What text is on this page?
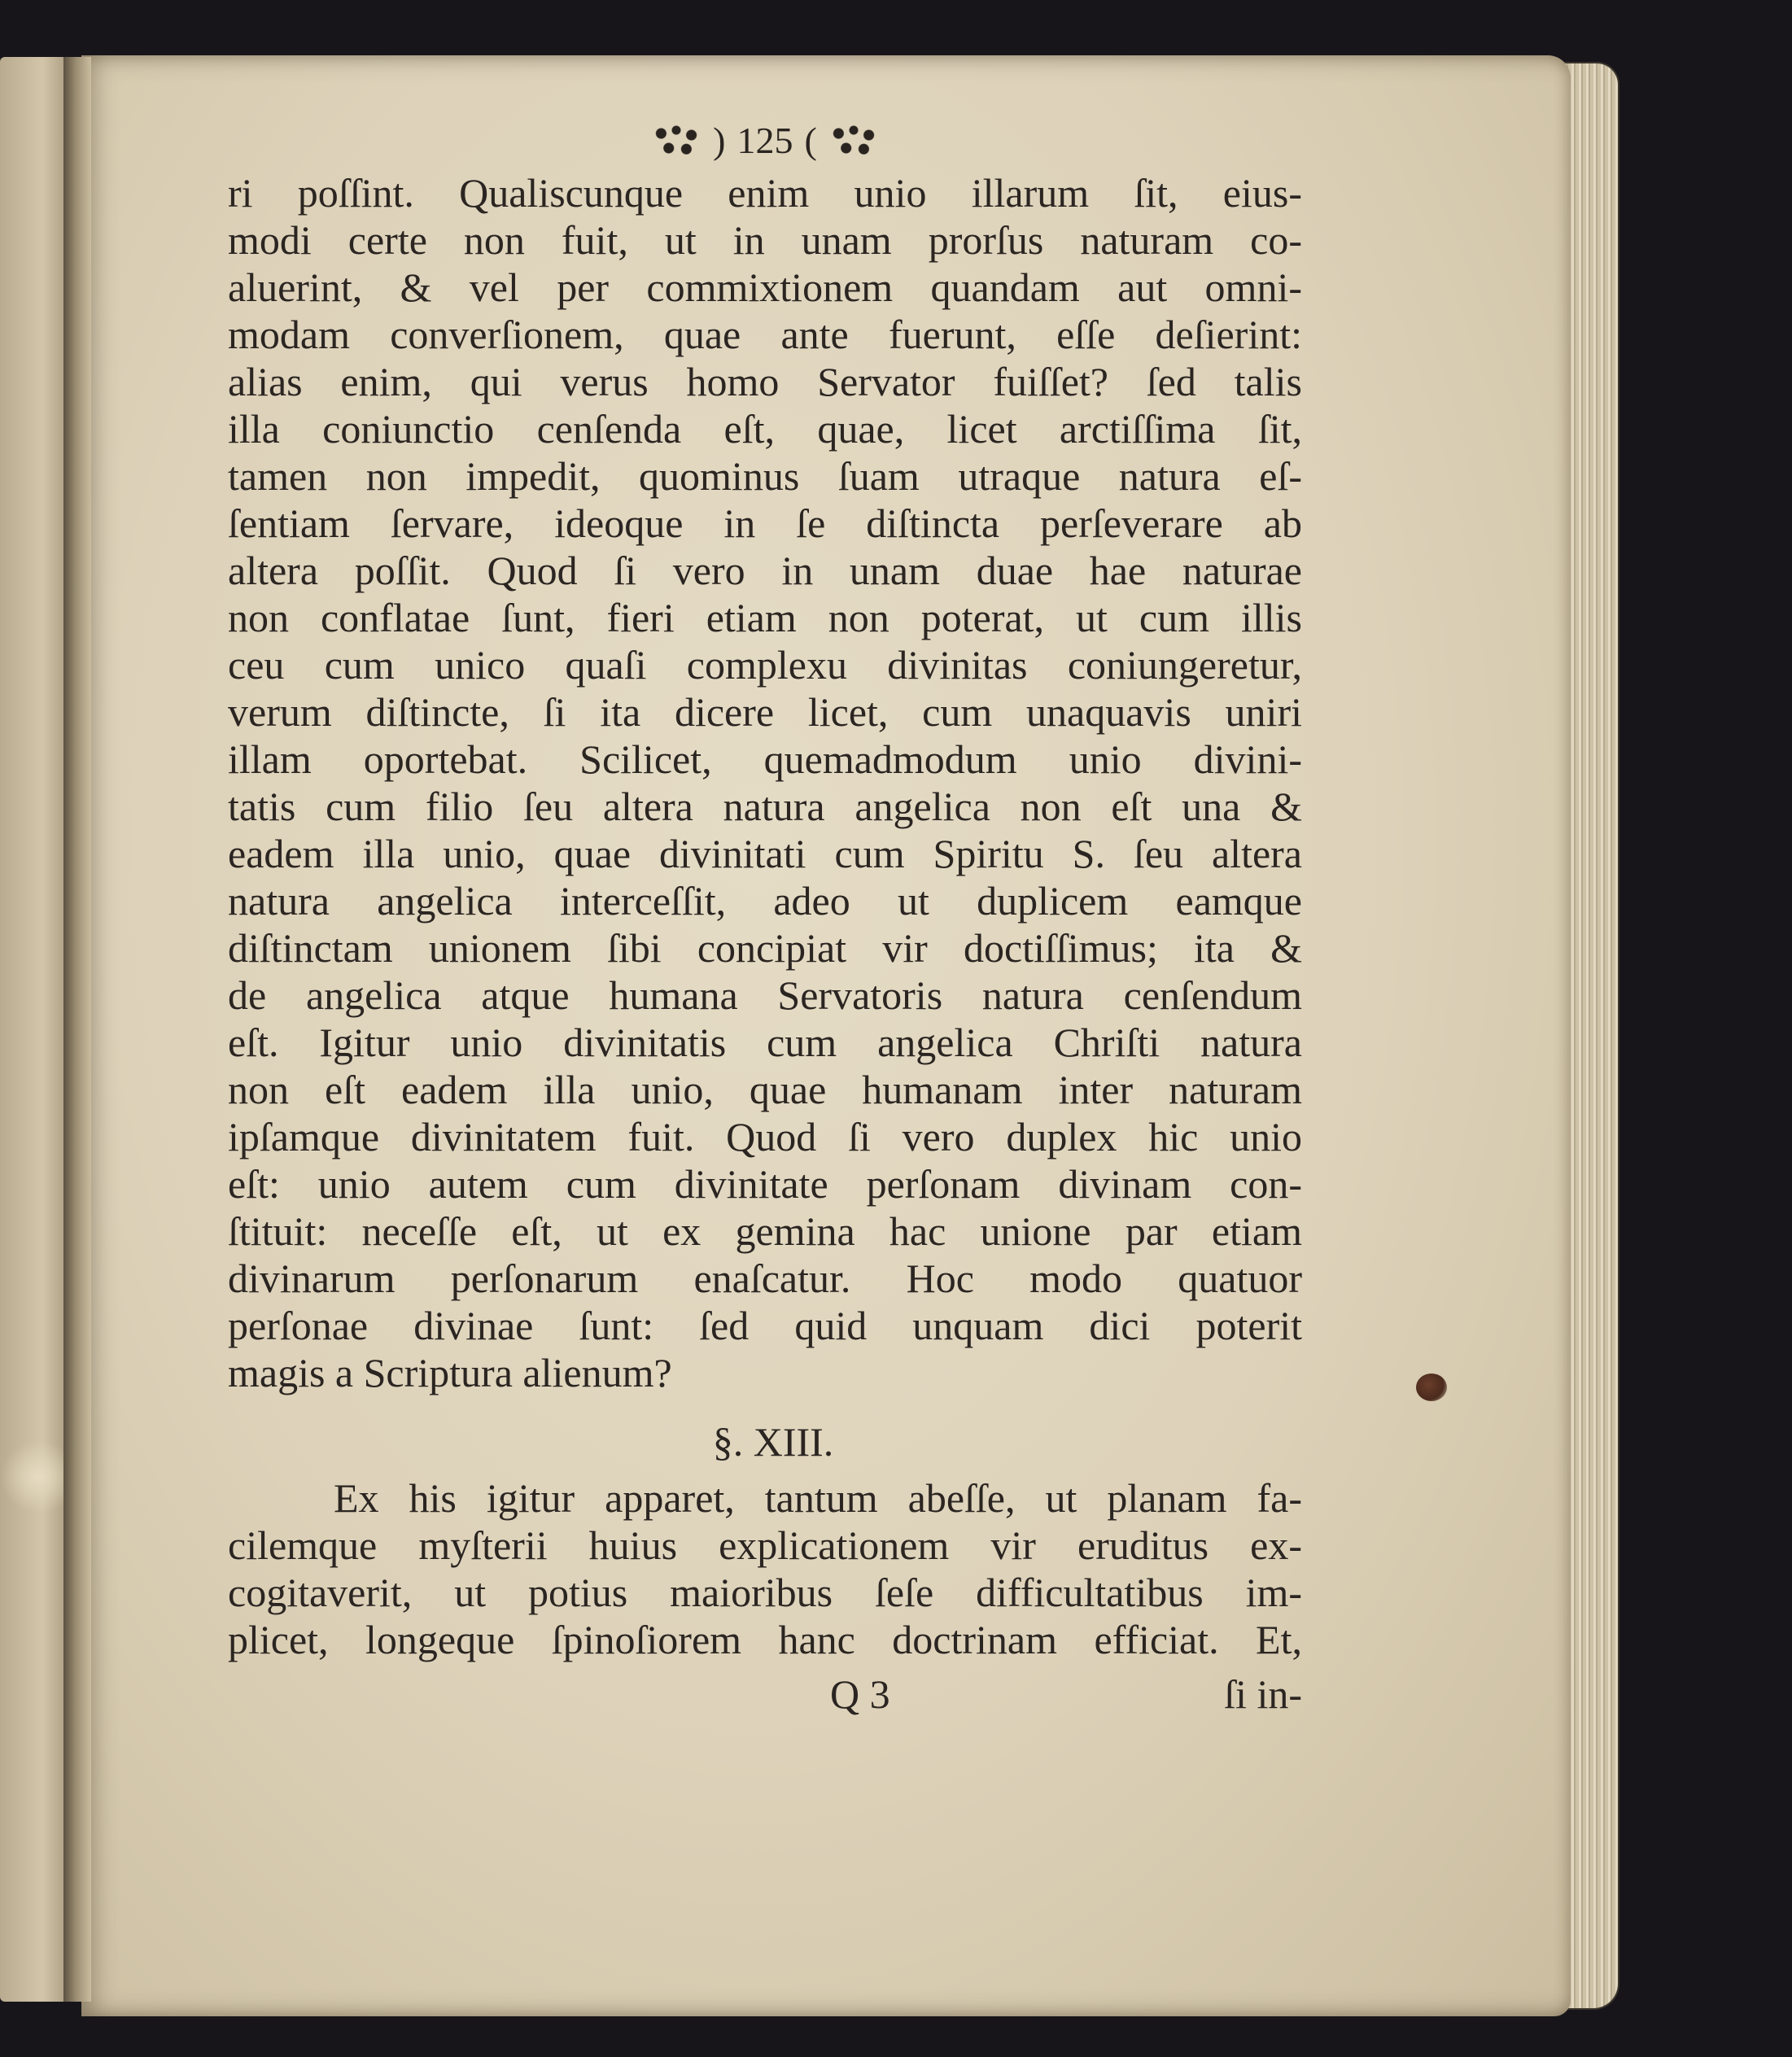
) 125 (
ri poſſint. Qualiscunque enim unio illarum ſit, eius-
modi certe non fuit, ut in unam prorſus naturam co-
aluerint, & vel per commixtionem quandam aut omni-
modam converſionem, quae ante fuerunt, eſſe deſierint:
alias enim, qui verus homo Servator fuiſſet? ſed talis
illa coniunctio cenſenda eſt, quae, licet arctiſſima ſit,
tamen non impedit, quominus ſuam utraque natura eſ-
ſentiam ſervare, ideoque in ſe diſtincta perſeverare ab
altera poſſit. Quod ſi vero in unam duae hae naturae
non conflatae ſunt, fieri etiam non poterat, ut cum illis
ceu cum unico quaſi complexu divinitas coniungeretur,
verum diſtincte, ſi ita dicere licet, cum unaquavis uniri
illam oportebat. Scilicet, quemadmodum unio divini-
tatis cum filio ſeu altera natura angelica non eſt una &
eadem illa unio, quae divinitati cum Spiritu S. ſeu altera
natura angelica interceſſit, adeo ut duplicem eamque
diſtinctam unionem ſibi concipiat vir doctiſſimus; ita &
de angelica atque humana Servatoris natura cenſendum
eſt. Igitur unio divinitatis cum angelica Chriſti natura
non eſt eadem illa unio, quae humanam inter naturam
ipſamque divinitatem fuit. Quod ſi vero duplex hic unio
eſt: unio autem cum divinitate perſonam divinam con-
ſtituit: neceſſe eſt, ut ex gemina hac unione par etiam
divinarum perſonarum enaſcatur. Hoc modo quatuor
perſonae divinae ſunt: ſed quid unquam dici poterit
magis a Scriptura alienum?
§. XIII.
Ex his igitur apparet, tantum abeſſe, ut planam fa-
cilemque myſterii huius explicationem vir eruditus ex-
cogitaverit, ut potius maioribus ſeſe difficultatibus im-
plicet, longeque ſpinoſiorem hanc doctrinam efficiat. Et,
Q 3	ſi in-
